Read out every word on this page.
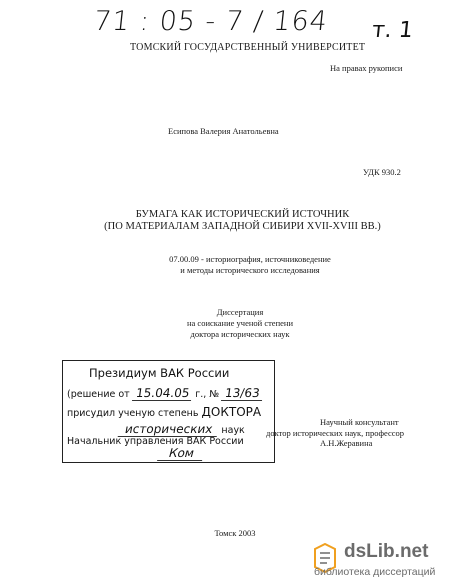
71 : 05 - 7 / 164 т. 1
ТОМСКИЙ ГОСУДАРСТВЕННЫЙ УНИВЕРСИТЕТ
На правах рукописи
Есипова Валерия Анатольевна
УДК 930.2
БУМАГА КАК ИСТОРИЧЕСКИЙ ИСТОЧНИК
(ПО МАТЕРИАЛАМ ЗАПАДНОЙ СИБИРИ XVII-XVIII ВВ.)
07.00.09 - историография, источниковедение
и методы исторического исследования
Диссертация
на соискание ученой степени
доктора исторических наук
Президиум ВАК России
(решение от 15.04.05 г., № 13/63
присудил ученую степень ДОКТОРА
исторических наук
Начальник управления ВАК России
Ком
Научный консультант
доктор исторических наук, профессор
А.Н.Жеравина
Томск 2003
dsLib.net
библиотека диссертаций
